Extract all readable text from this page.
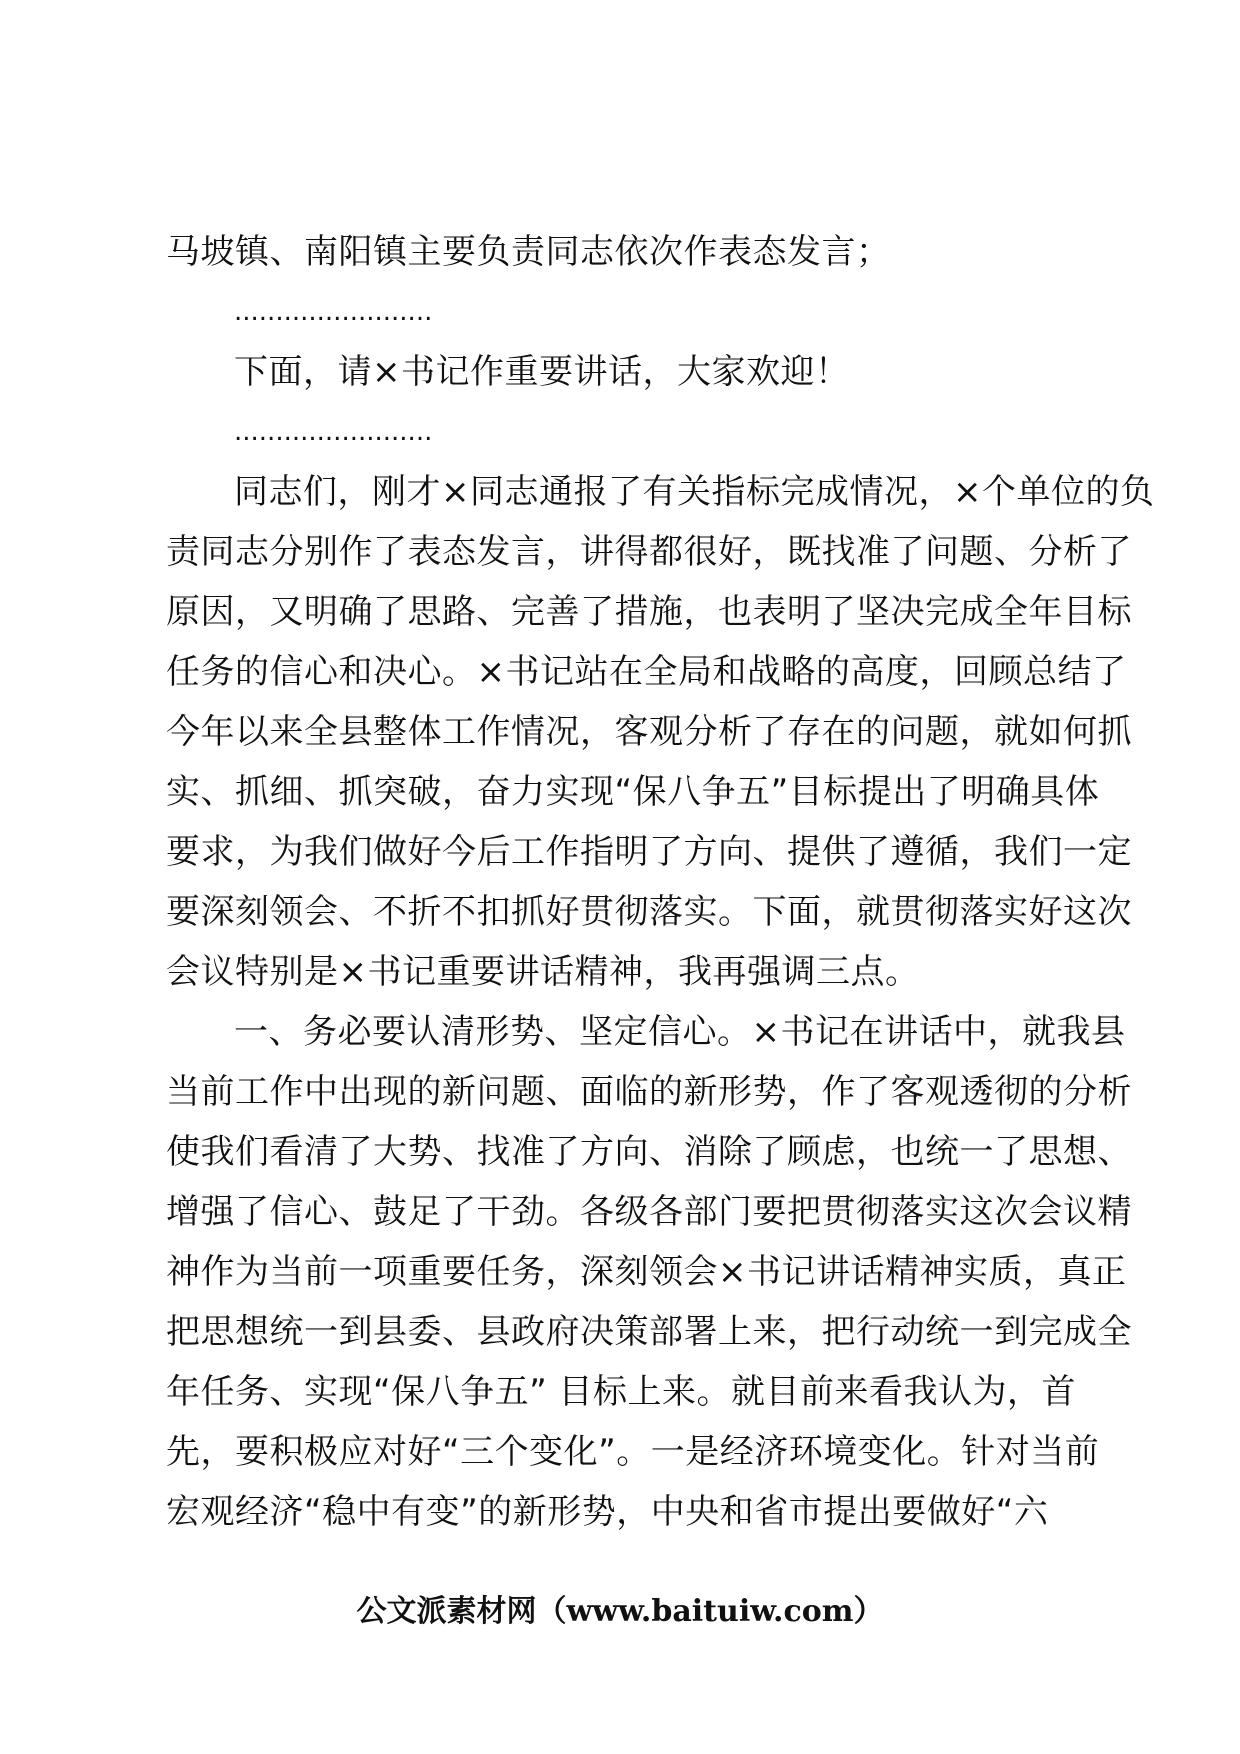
马坡镇、南阳镇主要负责同志依次作表态发言；
........................
下面，请×书记作重要讲话，大家欢迎！
........................
同志们，刚才×同志通报了有关指标完成情况，×个单位的负
责同志分别作了表态发言，讲得都很好，既找准了问题、分析了
原因，又明确了思路、完善了措施，也表明了坚决完成全年目标
任务的信心和决心。×书记站在全局和战略的高度，回顾总结了
今年以来全县整体工作情况，客观分析了存在的问题，就如何抓
实、抓细、抓突破，奋力实现“保八争五”目标提出了明确具体
要求，为我们做好今后工作指明了方向、提供了遵循，我们一定
要深刻领会、不折不扣抓好贯彻落实。下面，就贯彻落实好这次
会议特别是×书记重要讲话精神，我再强调三点。
一、务必要认清形势、坚定信心。×书记在讲话中，就我县
当前工作中出现的新问题、面临的新形势，作了客观透彻的分析
使我们看清了大势、找准了方向、消除了顾虑，也统一了思想、
增强了信心、鼓足了干劲。各级各部门要把贯彻落实这次会议精
神作为当前一项重要任务，深刻领会×书记讲话精神实质，真正
把思想统一到县委、县政府决策部署上来，把行动统一到完成全
年任务、实现“保八争五” 目标上来。就目前来看我认为，首
先，要积极应对好“三个变化”。一是经济环境变化。针对当前
宏观经济“稳中有变”的新形势，中央和省市提出要做好“六
公文派素材网（www.baituiw.com）
